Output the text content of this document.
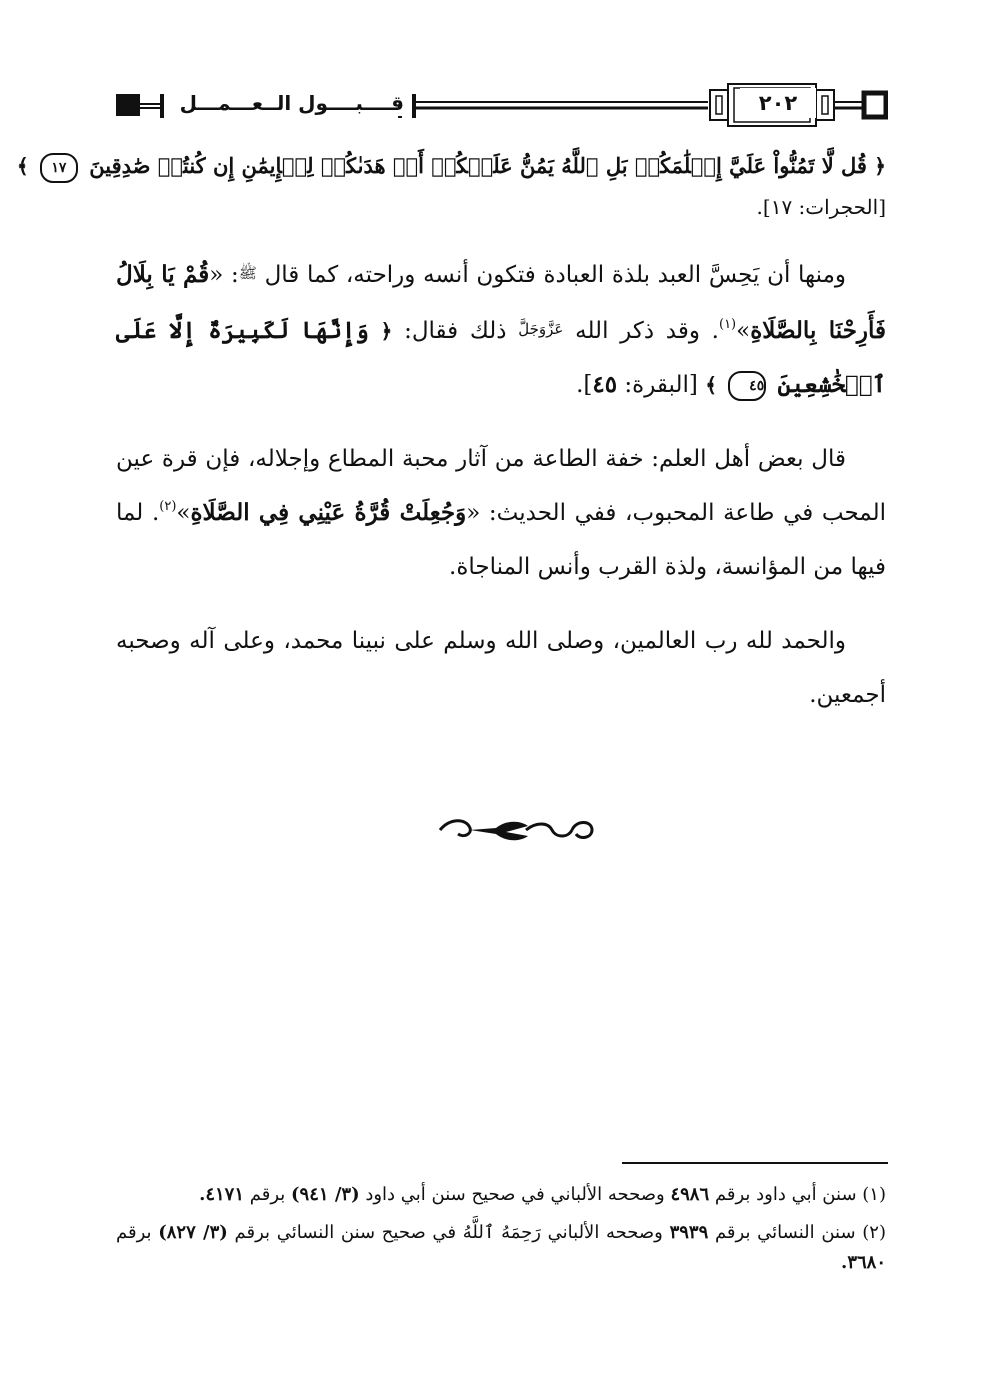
قــــبــــول الــعـــمـــل	٢٠٢
﴿ قُل لَّا تَمُنُّواْ عَلَيَّ إِسۡلَٰمَكُمۖ بَلِ ٱللَّهُ يَمُنُّ عَلَيۡكُمۡ أَنۡ هَدَىٰكُمۡ لِلۡإِيمَٰنِ إِن كُنتُمۡ صَٰدِقِينَ ١٧ ﴾
[الحجرات: ١٧].

ومنها أن يَحِسَّ العبد بلذة العبادة فتكون أنسه وراحته، كما قال ﷺ: «قُمْ يَا بِلَالُ فَأَرِحْنَا بِالصَّلَاةِ»$^{(١)}$. وقد ذكر الله عَزَّوَجَلَّ ذلك فقال: ﴿ وَإِنَّهَا لَكَبِيرَةٌ إِلَّا عَلَى ٱلۡخَٰشِعِينَ ٤٥ ﴾ [البقرة: ٤٥].

قال بعض أهل العلم: خفة الطاعة من آثار محبة المطاع وإجلاله، فإن قرة عين المحب في طاعة المحبوب، ففي الحديث: «وَجُعِلَتْ قُرَّةُ عَيْنِي فِي الصَّلَاةِ»$^{(٢)}$. لما فيها من المؤانسة، ولذة القرب وأنس المناجاة.

والحمد لله رب العالمين، وصلى الله وسلم على نبينا محمد، وعلى آله وصحبه أجمعين.

(١) سنن أبي داود برقم ٤٩٨٦ وصححه الألباني في صحيح سنن أبي داود (٣/ ٩٤١) برقم ٤١٧١.
(٢) سنن النسائي برقم ٣٩٣٩ وصححه الألباني رَحِمَهُ ٱللَّهُ في صحيح سنن النسائي برقم (٣/ ٨٢٧) برقم ٣٦٨٠.
